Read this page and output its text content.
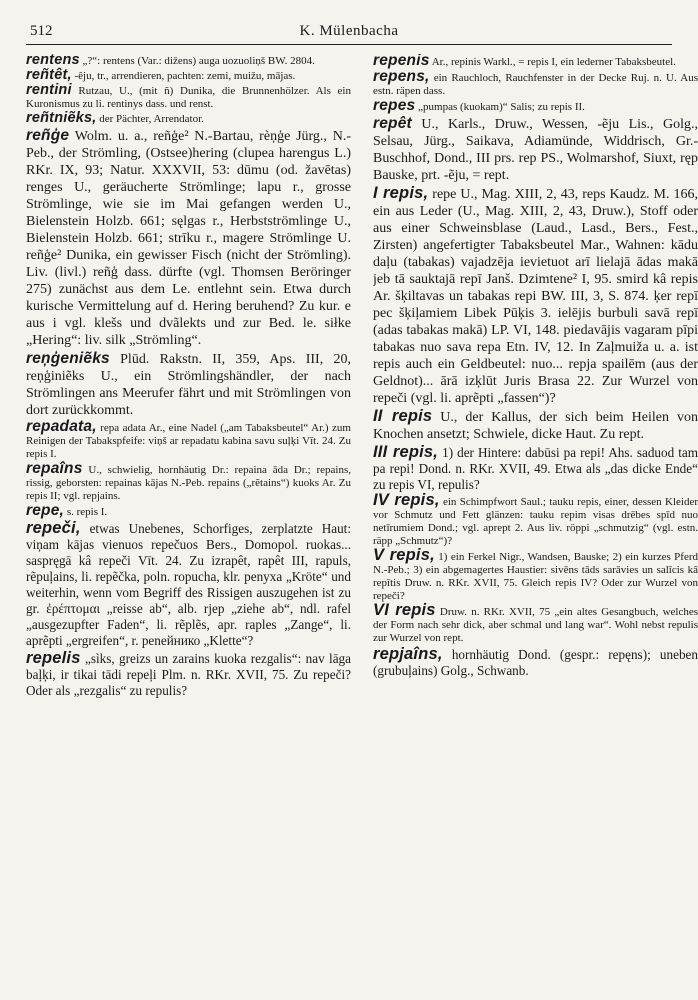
512	K. Mülenbacha
rentens „?“: rentens (Var.: dižens) auga uozuoliņš BW. 2804.
reñtêt, -êju, tr., arrendieren, pachten: zemi, muižu, mājas.
rentini Rutzau, U., (mit ñ) Dunika, die Brunnenhölzer. Als ein Kuronismus zu li. rentinys dass. und renst.
reñtniẽks, der Pächter, Arrendator.
reñģe Wolm. u. a., reñģe² N.-Bartau, rèņģe Jürg., N.-Peb., der Strömling, (Ostsee)hering (clupea harengus L.) RKr. IX, 93; Natur. XXXVII, 53: dūmu (od. žavētas) renges U., geräucherte Strömlinge; lapu r., grosse Strömlinge, wie sie im Mai gefangen werden U., Bielenstein Holzb. 661; sęlgas r., Herbstströmlinge U., Bielenstein Holzb. 661; strīku r., magere Strömlinge U. reñģe² Dunika, ein gewisser Fisch (nicht der Strömling). Liv. (livl.) reñģ dass. dürfte (vgl. Thomsen Beröringer 275) zunächst aus dem Le. entlehnt sein. Etwa durch kurische Vermittelung auf d. Hering beruhend? Zu kur. e aus i vgl. klešs und dvãlekts und zur Bed. le. siłke „Hering“: liv. silk „Strömling“.
reņģeniẽks Plūd. Rakstn. II, 359, Aps. III, 20, reņģiniẽks U., ein Strömlingshändler, der nach Strömlingen ans Meerufer fährt und mit Strömlingen von dort zurückkommt.
repadata, repa adata Ar., eine Nadel („am Tabaksbeutel“ Ar.) zum Reinigen der Tabakspfeife: viņš ar repadatu kabina savu suļķi Vīt. 24. Zu repis I.
repaîns U., schwielig, hornhäutig Dr.: repaina āda Dr.; repains, rissig, geborsten: repainas kājas N.-Peb. repains („rẽtains“) kuoks Ar. Zu repis II; vgl. repjains.
repe, s. repis I.
repeči, etwas Unebenes, Schorfiges, zerplatzte Haut: viņam kājas vienuos repečuos Bers., Domopol. ruokas... saspręgā kâ repeči Vīt. 24. Zu izrapêt, rapêt III, rapuls, rẽpuļains, li. repẽčka, poln. ropucha, klr. penyxa „Kröte“ und weiterhin, wenn vom Begriff des Rissigen auszugehen ist zu gr. ἐρέπτομαι „reisse ab“, alb. rjep „ziehe ab“, ndl. rafel „ausgezupfter Faden“, li. rẽplẽs, apr. raples „Zange“, li. aprẽpti „ergreifen“, r. peneйнико „Klette“?
repelis „sìks, greizs un zarains kuoka rezgalis“: nav lāga baļķi, ir tikai tādi repeļi Plm. n. RKr. XVII, 75. Zu repeči? Oder als „rezgalis“ zu repulis?
repenis Ar., repinis Warkl., = repis I, ein lederner Tabaksbeutel.
repens, ein Rauchloch, Rauchfenster in der Decke Ruj. n. U. Aus estn. räpen dass.
repes „pumpas (kuokam)“ Salis; zu repis II.
repêt U., Karls., Druw., Wessen, -ẽju Lis., Golg., Selsau, Jürg., Saikava, Adiamünde, Widdrisch, Gr.-Buschhof, Dond., III prs. rep PS., Wolmarshof, Siuxt, ręp Bauske, prt. -ẽju, = rept.
I repis, repe U., Mag. XIII, 2, 43, reps Kaudz. M. 166, ein aus Leder (U., Mag. XIII, 2, 43, Druw.), Stoff oder aus einer Schweinsblase (Laud., Lasd., Bers., Fest., Zirsten) angefertigter Tabaksbeutel Mar., Wahnen: kādu daļu (tabakas) vajadzēja ievietuot arī lielajā ādas makā jeb tā sauktajā repī Janš. Dzimtene² I, 95. smird kâ repis Ar. šķiltavas un tabakas repi BW. III, 3, S. 874. ķer repī pec šķiļamiem Libek Pūķis 3. ielējis burbuli savā repī (adas tabakas makā) LP. VI, 148. piedavājis vagaram pīpi tabakas nuo sava repa Etn. IV, 12. In Zaļmuiža u. a. ist repis auch ein Geldbeutel: nuo... repja spailēm (aus der Geldnot)... ārā izķlūt Juris Brasa 22. Zur Wurzel von repeči (vgl. li. aprẽpti „fassen“)?
II repis U., der Kallus, der sich beim Heilen von Knochen ansetzt; Schwiele, dicke Haut. Zu rept.
III repis, 1) der Hintere: dabūsi pa repi! Ahs. saduod tam pa repi! Dond. n. RKr. XVII, 49. Etwa als „das dicke Ende“ zu repis VI, repulis?
IV repis, ein Schimpfwort Saul.; tauku repis, einer, dessen Kleider vor Schmutz und Fett glänzen: tauku repim visas drēbes spīd nuo netīrumiem Dond.; vgl. aprept 2. Aus liv. röppi „schmutzig“ (vgl. estn. räpp „Schmutz“)?
V repis, 1) ein Ferkel Nigr., Wandsen, Bauske; 2) ein kurzes Pferd N.-Peb.; 3) ein abgemagertes Haustier: sivēns tāds sarāvies un salīcis kâ repītis Druw. n. RKr. XVII, 75. Gleich repis IV? Oder zur Wurzel von repeči?
VI repis Druw. n. RKr. XVII, 75 „ein altes Gesangbuch, welches der Form nach sehr dick, aber schmal und lang war“. Wohl nebst repulis zur Wurzel von rept.
repjaîns, hornhäutig Dond. (gespr.: repęns); uneben (grubuļains) Golg., Schwanb.
